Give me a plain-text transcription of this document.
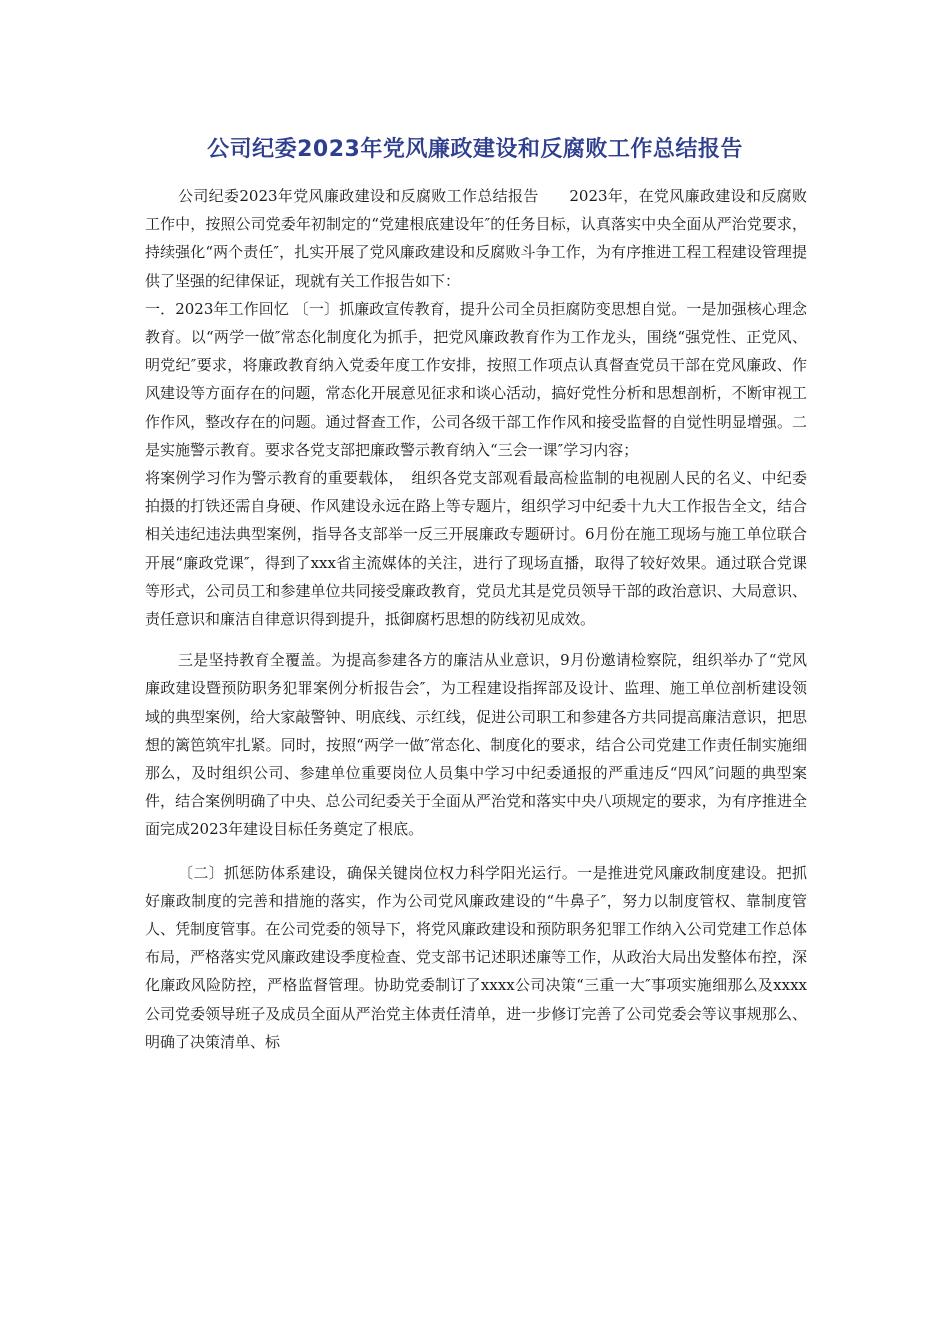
公司纪委2023年党风廉政建设和反腐败工作总结报告

公司纪委2023年党风廉政建设和反腐败工作总结报告　　2023年，在党风廉政建设和反腐败工作中，按照公司党委年初制定的“党建根底建设年″的任务目标，认真落实中央全面从严治党要求，持续强化“两个责任″，扎实开展了党风廉政建设和反腐败斗争工作，为有序推进工程工程建设管理提供了坚强的纪律保证，现就有关工作报告如下：

一．2023年工作回忆 〔一〕抓廉政宣传教育，提升公司全员拒腐防变思想自觉。一是加强核心理念教育。以“两学一做″常态化制度化为抓手，把党风廉政教育作为工作龙头，围绕“强党性、正党风、明党纪″要求，将廉政教育纳入党委年度工作安排，按照工作项点认真督查党员干部在党风廉政、作风建设等方面存在的问题，常态化开展意见征求和谈心活动，搞好党性分析和思想剖析，不断审视工作作风，整改存在的问题。通过督查工作，公司各级干部工作作风和接受监督的自觉性明显增强。二是实施警示教育。要求各党支部把廉政警示教育纳入“三会一课″学习内容；

将案例学习作为警示教育的重要载体，　组织各党支部观看最高检监制的电视剧人民的名义、中纪委拍摄的打铁还需自身硬、作风建设永远在路上等专题片，组织学习中纪委十九大工作报告全文，结合相关违纪违法典型案例，指导各支部举一反三开展廉政专题研讨。6月份在施工现场与施工单位联合开展“廉政党课″，得到了xxx省主流媒体的关注，进行了现场直播，取得了较好效果。通过联合党课等形式，公司员工和参建单位共同接受廉政教育，党员尤其是党员领导干部的政治意识、大局意识、责任意识和廉洁自律意识得到提升，抵御腐朽思想的防线初见成效。

三是坚持教育全覆盖。为提高参建各方的廉洁从业意识，9月份邀请检察院，组织举办了“党风廉政建设暨预防职务犯罪案例分析报告会″，为工程建设指挥部及设计、监理、施工单位剖析建设领域的典型案例，给大家敲警钟、明底线、示红线，促进公司职工和参建各方共同提高廉洁意识，把思想的篱笆筑牢扎紧。同时，按照“两学一做″常态化、制度化的要求，结合公司党建工作责任制实施细那么，及时组织公司、参建单位重要岗位人员集中学习中纪委通报的严重违反“四风″问题的典型案件，结合案例明确了中央、总公司纪委关于全面从严治党和落实中央八项规定的要求，为有序推进全面完成2023年建设目标任务奠定了根底。

〔二〕抓惩防体系建设，确保关键岗位权力科学阳光运行。一是推进党风廉政制度建设。把抓好廉政制度的完善和措施的落实，作为公司党风廉政建设的“牛鼻子″，努力以制度管权、靠制度管人、凭制度管事。在公司党委的领导下，将党风廉政建设和预防职务犯罪工作纳入公司党建工作总体布局，严格落实党风廉政建设季度检查、党支部书记述职述廉等工作，从政治大局出发整体布控，深化廉政风险防控，严格监督管理。协助党委制订了xxxx公司决策“三重一大″事项实施细那么及xxxx公司党委领导班子及成员全面从严治党主体责任清单，进一步修订完善了公司党委会等议事规那么、明确了决策清单、标
